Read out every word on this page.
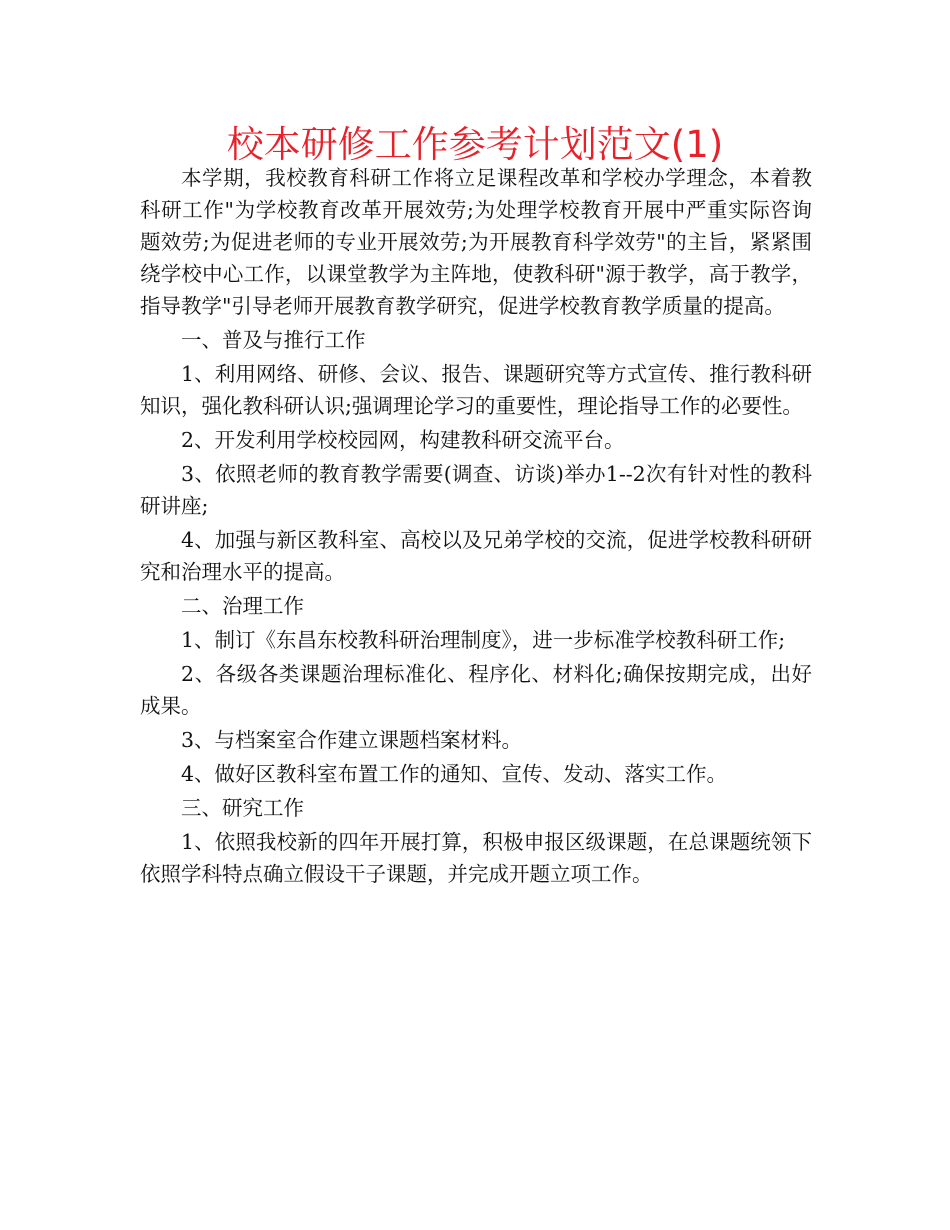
校本研修工作参考计划范文(1)

本学期，我校教育科研工作将立足课程改革和学校办学理念，本着教科研工作"为学校教育改革开展效劳;为处理学校教育开展中严重实际咨询题效劳;为促进老师的专业开展效劳;为开展教育科学效劳"的主旨，紧紧围绕学校中心工作，以课堂教学为主阵地，使教科研"源于教学，高于教学，指导教学"引导老师开展教育教学研究，促进学校教育教学质量的提高。

一、普及与推行工作

1、利用网络、研修、会议、报告、课题研究等方式宣传、推行教科研知识，强化教科研认识;强调理论学习的重要性，理论指导工作的必要性。

2、开发利用学校校园网，构建教科研交流平台。

3、依照老师的教育教学需要(调查、访谈)举办1--2次有针对性的教科研讲座;

4、加强与新区教科室、高校以及兄弟学校的交流，促进学校教科研研究和治理水平的提高。

二、治理工作

1、制订《东昌东校教科研治理制度》，进一步标准学校教科研工作;

2、各级各类课题治理标准化、程序化、材料化;确保按期完成，出好成果。

3、与档案室合作建立课题档案材料。

4、做好区教科室布置工作的通知、宣传、发动、落实工作。

三、研究工作

1、依照我校新的四年开展打算，积极申报区级课题，在总课题统领下依照学科特点确立假设干子课题，并完成开题立项工作。
